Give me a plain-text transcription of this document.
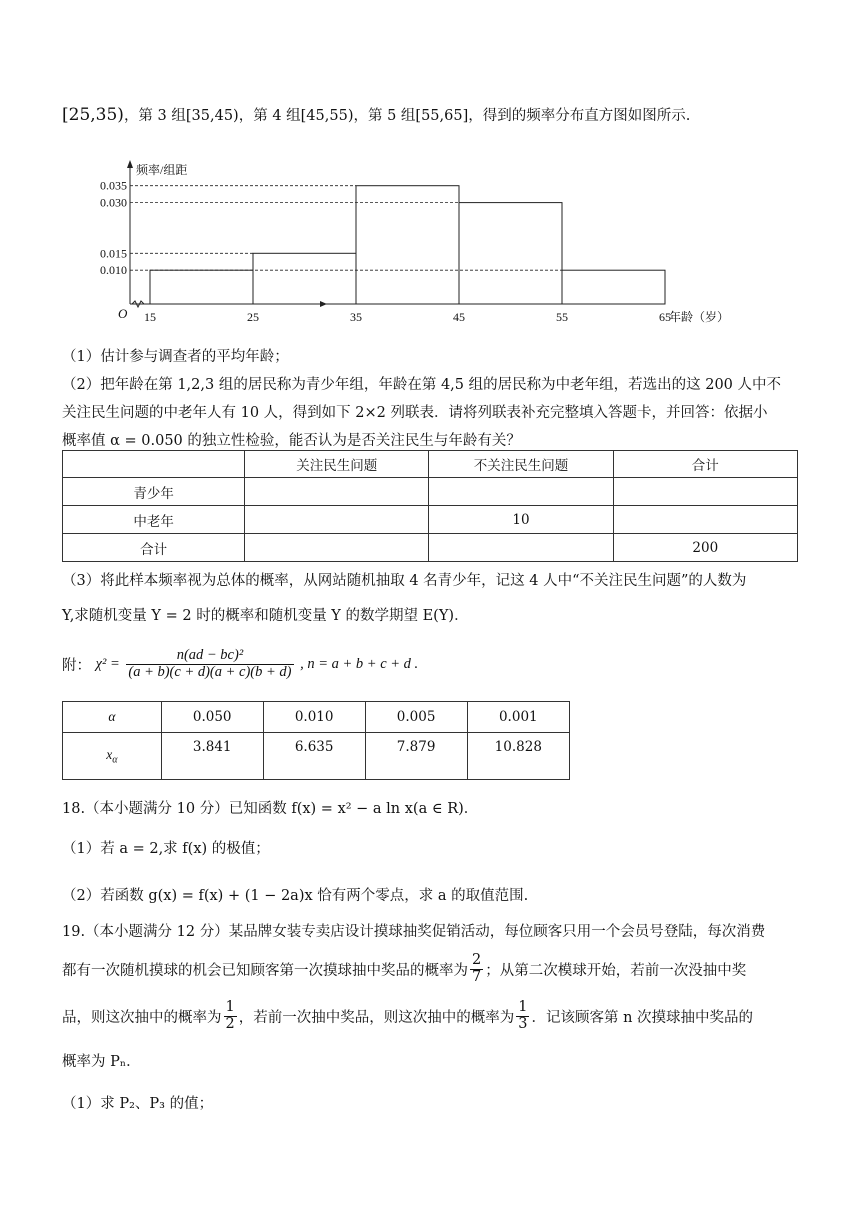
[25,35)，第 3 组[35,45)，第 4 组[45,55)，第 5 组[55,65]，得到的频率分布直方图如图所示.
0.010
0.015
0.030
0.035
15	25	35	45	55	65
O
频率/组距
年龄（岁）
（1）估计参与调查者的平均年龄；
（2）把年龄在第 1,2,3 组的居民称为青少年组，年龄在第 4,5 组的居民称为中老年组，若选出的这 200 人中不
关注民生问题的中老年人有 10 人，得到如下 2×2 列联表．请将列联表补充完整填入答题卡，并回答：依据小
概率值 α = 0.050 的独立性检验，能否认为是否关注民生与年龄有关？
	关注民生问题	不关注民生问题	合计
青少年			
中老年		10	
合计			200
（3）将此样本频率视为总体的概率，从网站随机抽取 4 名青少年，记这 4 人中“不关注民生问题”的人数为
Y,求随机变量 Y = 2 时的概率和随机变量 Y 的数学期望 E(Y)．
附： $\chi^2 = \frac{\text{n(ad − bc)²}}{(a + b)(c + d)(a + c)(b + d)}$ , n = a + b + c + d .
α	0.050	0.010	0.005	0.001
$x_\alpha$	3.841	6.635	7.879	10.828
18.（本小题满分 10 分）已知函数 f(x) = x² − a ln x(a ∈ R)．
（1）若 a = 2,求 f(x) 的极值；
（2）若函数 g(x) = f(x) + (1 − 2a)x 恰有两个零点，求 a 的取值范围.
19.（本小题满分 12 分）某品牌女装专卖店设计摸球抽奖促销活动，每位顾客只用一个会员号登陆，每次消费
都有一次随机摸球的机会已知顾客第一次摸球抽中奖品的概率为 $\frac{2}{7}$ ；从第二次模球开始，若前一次没抽中奖
品，则这次抽中的概率为 $\frac{1}{2}$ ，若前一次抽中奖品，则这次抽中的概率为 $\frac{1}{3}$ ．记该顾客第 n 次摸球抽中奖品的
概率为 Pₙ．
（1）求 P₂、P₃ 的值；
